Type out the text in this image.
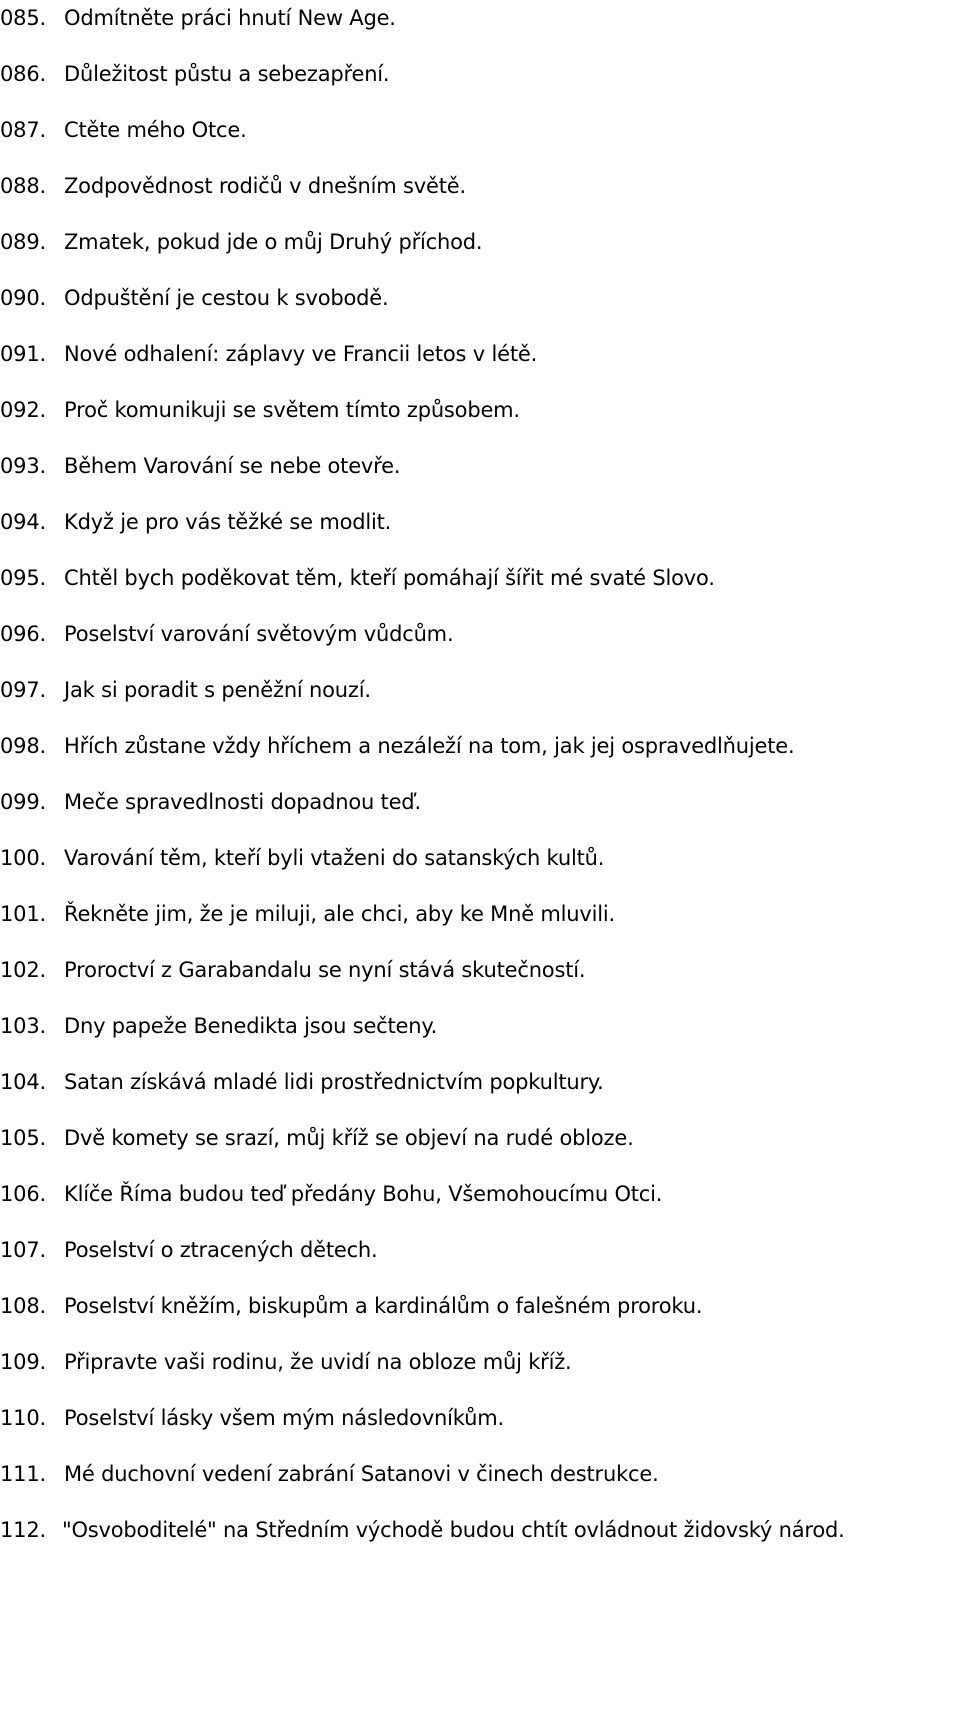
085. Odmítněte práci hnutí New Age.
086. Důležitost půstu a sebezapření.
087. Ctěte mého Otce.
088. Zodpovědnost rodičů v dnešním světě.
089. Zmatek, pokud jde o můj Druhý příchod.
090. Odpuštění je cestou k svobodě.
091. Nové odhalení: záplavy ve Francii letos v létě.
092. Proč komunikuji se světem tímto způsobem.
093. Během Varování se nebe otevře.
094. Když je pro vás těžké se modlit.
095. Chtěl bych poděkovat těm, kteří pomáhají šířit mé svaté Slovo.
096. Poselství varování světovým vůdcům.
097. Jak si poradit s peněžní nouzí.
098. Hřích zůstane vždy hříchem a nezáleží na tom, jak jej ospravedlňujete.
099. Meče spravedlnosti dopadnou teď.
100. Varování těm, kteří byli vtaženi do satanských kultů.
101. Řekněte jim, že je miluji, ale chci, aby ke Mně mluvili.
102. Proroctví z Garabandalu se nyní stává skutečností.
103. Dny papeže Benedikta jsou sečteny.
104. Satan získává mladé lidi prostřednictvím popkultury.
105. Dvě komety se srazí, můj kříž se objeví na rudé obloze.
106. Klíče Říma budou teď předány Bohu, Všemohoucímu Otci.
107. Poselství o ztracených dětech.
108. Poselství kněžím, biskupům a kardinálům o falešném proroku.
109. Připravte vaši rodinu, že uvidí na obloze můj kříž.
110. Poselství lásky všem mým následovníkům.
111. Mé duchovní vedení zabrání Satanovi v činech destrukce.
112. "Osvoboditelé" na Středním východě budou chtít ovládnout židovský národ.
